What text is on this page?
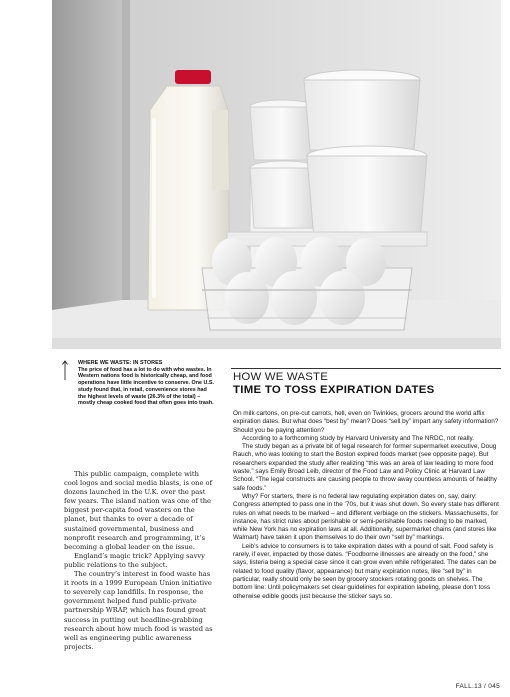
WHERE WE WASTE: IN STORES
The price of food has a lot to do with who wastes. In Western nations food is historically cheap, and food operations have little incentive to conserve. One U.S. study found that, in retail, convenience stores had the highest levels of waste (26.3% of the total) – mostly cheap cooked food that often goes into trash.

This public campaign, complete with cool logos and social media blasts, is one of dozens launched in the U.K. over the past few years. The island nation was one of the biggest per-capita food wasters on the planet, but thanks to over a decade of sustained governmental, business and nonprofit research and programming, it’s becoming a global leader on the issue.

England’s magic trick? Applying savvy public relations to the subject.

The country’s interest in food waste has it roots in a 1999 European Union initiative to severely cap landfills. In response, the government helped fund public-private partnership WRAP, which has found great success in putting out headline-grabbing research about how much food is wasted as well as engineering public awareness projects.

HOW WE WASTE
TIME TO TOSS EXPIRATION DATES

On milk cartons, on pre-cut carrots, hell, even on Twinkies, grocers around the world affix expiration dates. But what does “best by” mean? Does “sell by” impart any safety information? Should you be paying attention?

According to a forthcoming study by Harvard University and The NRDC, not really.

The study began as a private bit of legal research for former supermarket executive, Doug Rauch, who was looking to start the Boston expired foods market (see opposite page). But researchers expanded the study after realizing “this was an area of law leading to more food waste,” says Emily Broad Leib, director of the Food Law and Policy Clinic at Harvard Law School. “The legal constructs are causing people to throw away countless amounts of healthy safe foods.”

Why? For starters, there is no federal law regulating expiration dates on, say, dairy: Congress attempted to pass one in the ’70s, but it was shut down. So every state has different rules on what needs to be marked – and different verbiage on the stickers. Massachusetts, for instance, has strict rules about perishable or semi-perishable foods needing to be marked, while New York has no expiration laws at all. Additionally, supermarket chains (and stores like Walmart) have taken it upon themselves to do their own “sell by” markings.

Leib’s advice to consumers is to take expiration dates with a pound of salt. Food safety is rarely, if ever, impacted by those dates. “Foodborne illnesses are already on the food,” she says, listeria being a special case since it can grow even while refrigerated. The dates can be related to food quality (flavor, appearance) but many expiration notes, like “sell by” in particular, really should only be seen by grocery stockers rotating goods on shelves. The bottom line: Until policymakers set clear guidelines for expiration labeling, please don’t toss otherwise edible goods just because the sticker says so.

FALL.13 / 045
